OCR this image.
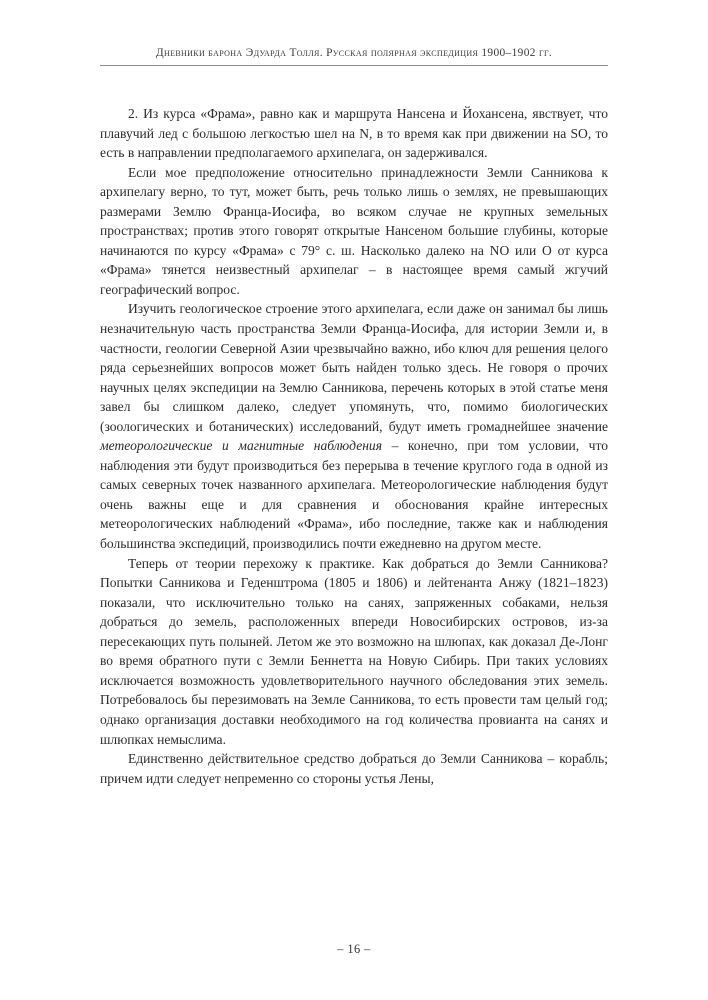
Дневники барона Эдуарда Толля. Русская полярная экспедиция 1900–1902 гг.

2. Из курса «Фрама», равно как и маршрута Нансена и Йохансена, явствует, что плавучий лед с большою легкостью шел на N, в то время как при движении на SO, то есть в направлении предполагаемого архипелага, он задерживался.

Если мое предположение относительно принадлежности Земли Санникова к архипелагу верно, то тут, может быть, речь только лишь о землях, не превышающих размерами Землю Франца-Иосифа, во всяком случае не крупных земельных пространствах; против этого говорят открытые Нансеном большие глубины, которые начинаются по курсу «Фрама» с 79° с. ш. Насколько далеко на NO или O от курса «Фрама» тянется неизвестный архипелаг – в настоящее время самый жгучий географический вопрос.

Изучить геологическое строение этого архипелага, если даже он занимал бы лишь незначительную часть пространства Земли Франца-Иосифа, для истории Земли и, в частности, геологии Северной Азии чрезвычайно важно, ибо ключ для решения целого ряда серьезнейших вопросов может быть найден только здесь. Не говоря о прочих научных целях экспедиции на Землю Санникова, перечень которых в этой статье меня завел бы слишком далеко, следует упомянуть, что, помимо биологических (зоологических и ботанических) исследований, будут иметь громаднейшее значение метеорологические и магнитные наблюдения – конечно, при том условии, что наблюдения эти будут производиться без перерыва в течение круглого года в одной из самых северных точек названного архипелага. Метеорологические наблюдения будут очень важны еще и для сравнения и обоснования крайне интересных метеорологических наблюдений «Фрама», ибо последние, также как и наблюдения большинства экспедиций, производились почти ежедневно на другом месте.

Теперь от теории перехожу к практике. Как добраться до Земли Санникова? Попытки Санникова и Геденштрома (1805 и 1806) и лейтенанта Анжу (1821–1823) показали, что исключительно только на санях, запряженных собаками, нельзя добраться до земель, расположенных впереди Новосибирских островов, из-за пересекающих путь полыней. Летом же это возможно на шлюпах, как доказал Де-Лонг во время обратного пути с Земли Беннетта на Новую Сибирь. При таких условиях исключается возможность удовлетворительного научного обследования этих земель. Потребовалось бы перезимовать на Земле Санникова, то есть провести там целый год; однако организация доставки необходимого на год количества провианта на санях и шлюпках немыслима.

Единственно действительное средство добраться до Земли Санникова – корабль; причем идти следует непременно со стороны устья Лены,

– 16 –
